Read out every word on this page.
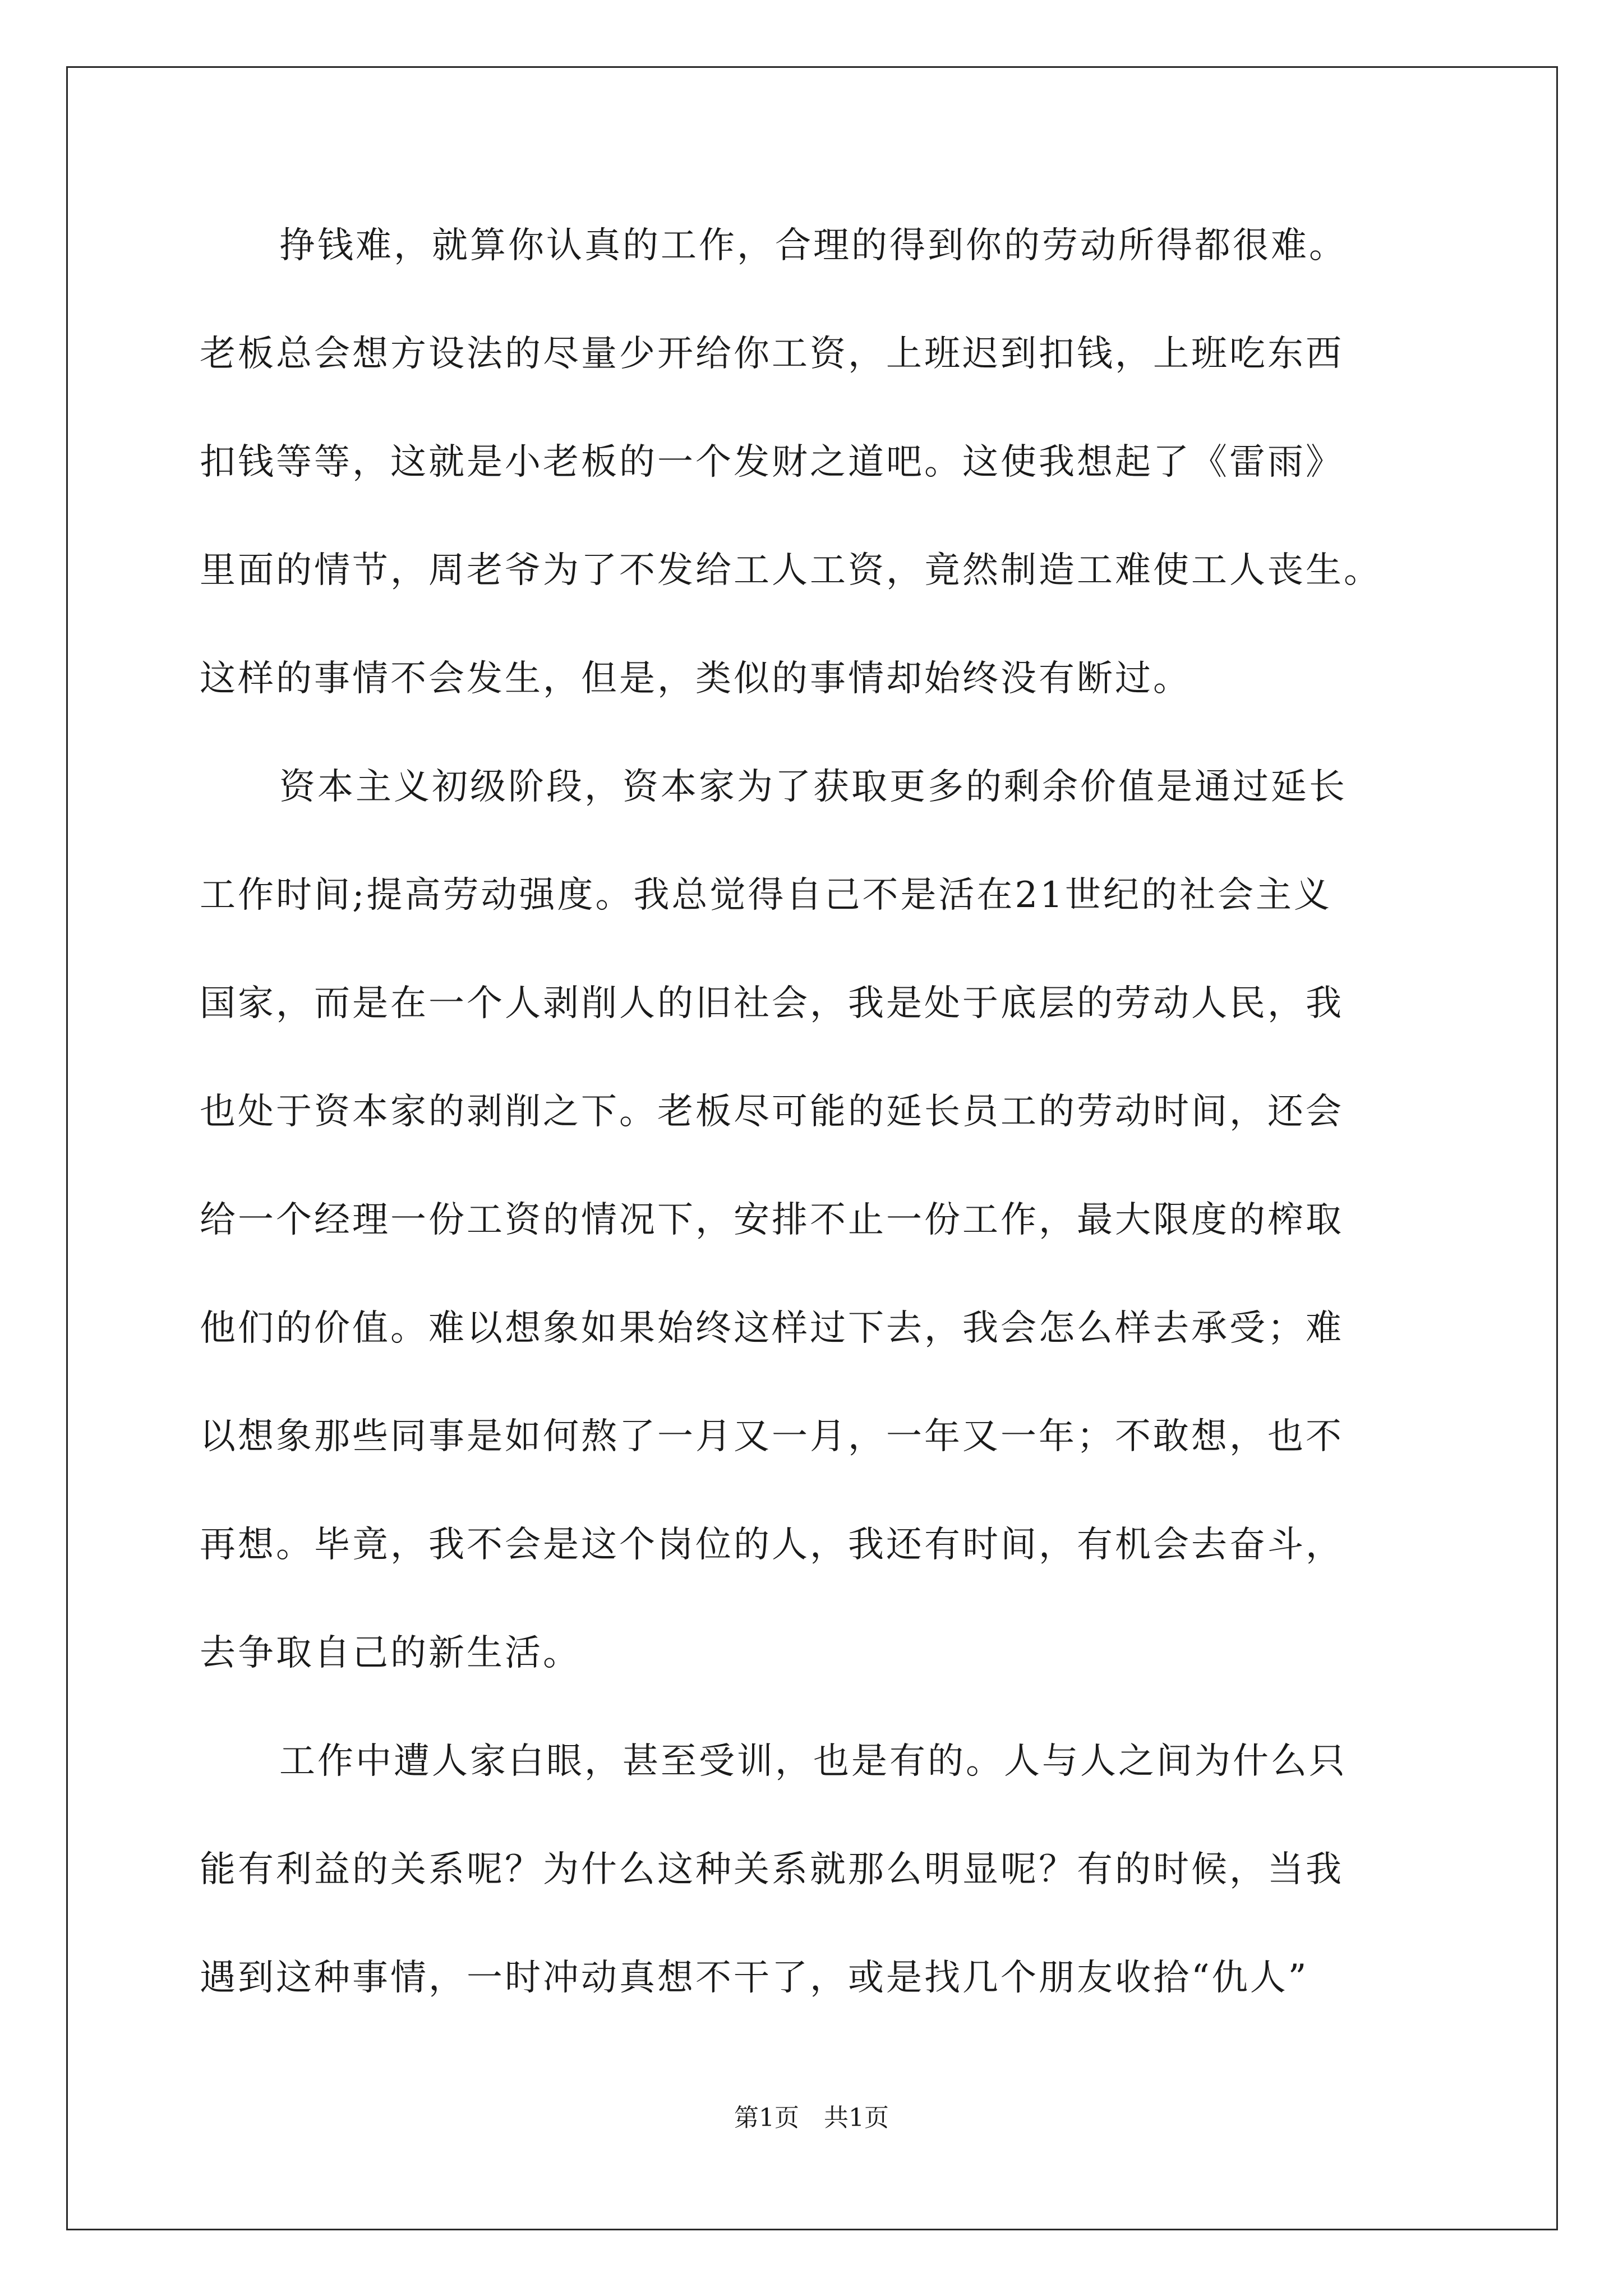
挣钱难，就算你认真的工作，合理的得到你的劳动所得都很难。
老板总会想方设法的尽量少开给你工资，上班迟到扣钱，上班吃东西
扣钱等等，这就是小老板的一个发财之道吧。这使我想起了《雷雨》
里面的情节，周老爷为了不发给工人工资，竟然制造工难使工人丧生。
这样的事情不会发生，但是，类似的事情却始终没有断过。
资本主义初级阶段，资本家为了获取更多的剩余价值是通过延长
工作时间;提高劳动强度。我总觉得自己不是活在21世纪的社会主义
国家，而是在一个人剥削人的旧社会，我是处于底层的劳动人民，我
也处于资本家的剥削之下。老板尽可能的延长员工的劳动时间，还会
给一个经理一份工资的情况下，安排不止一份工作，最大限度的榨取
他们的价值。难以想象如果始终这样过下去，我会怎么样去承受；难
以想象那些同事是如何熬了一月又一月，一年又一年；不敢想，也不
再想。毕竟，我不会是这个岗位的人，我还有时间，有机会去奋斗，
去争取自己的新生活。
工作中遭人家白眼，甚至受训，也是有的。人与人之间为什么只
能有利益的关系呢？为什么这种关系就那么明显呢？有的时候，当我
遇到这种事情，一时冲动真想不干了，或是找几个朋友收拾“仇人”
第1页　共1页
